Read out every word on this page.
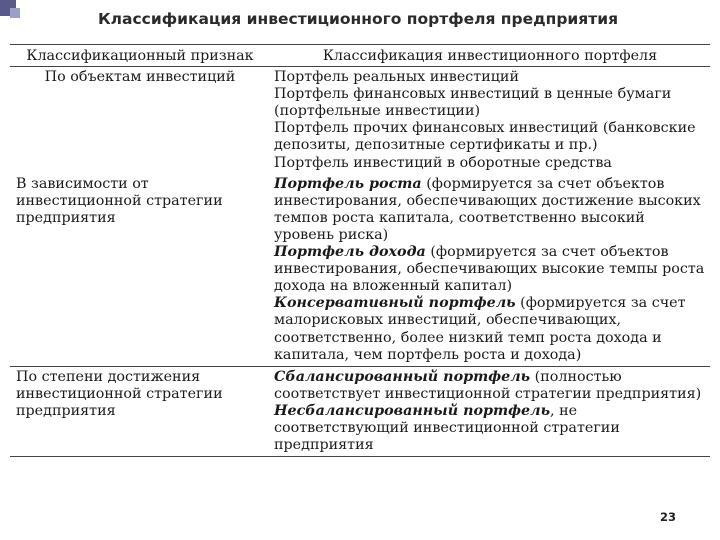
Классификация инвестиционного портфеля предприятия
Классификационный признак	Классификация инвестиционного портфеля
По объектам инвестиций	Портфель реальных инвестиций
Портфель финансовых инвестиций в ценные бумаги (портфельные инвестиции)
Портфель прочих финансовых инвестиций (банковские депозиты, депозитные сертификаты и пр.)
Портфель инвестиций в оборотные средства

В зависимости от инвестиционной стратегии предприятия	Портфель роста (формируется за счет объектов инвестирования, обеспечивающих достижение высоких темпов роста капитала, соответственно высокий уровень риска)
Портфель дохода (формируется за счет объектов инвестирования, обеспечивающих высокие темпы роста дохода на вложенный капитал)
Консервативный портфель (формируется за счет малорисковых инвестиций, обеспечивающих, соответственно, более низкий темп роста дохода и капитала, чем портфель роста и дохода)

По степени достижения инвестиционной стратегии предприятия	Сбалансированный портфель (полностью соответствует инвестиционной стратегии предприятия)
Несбалансированный портфель, не соответствующий инвестиционной стратегии предприятия
23
